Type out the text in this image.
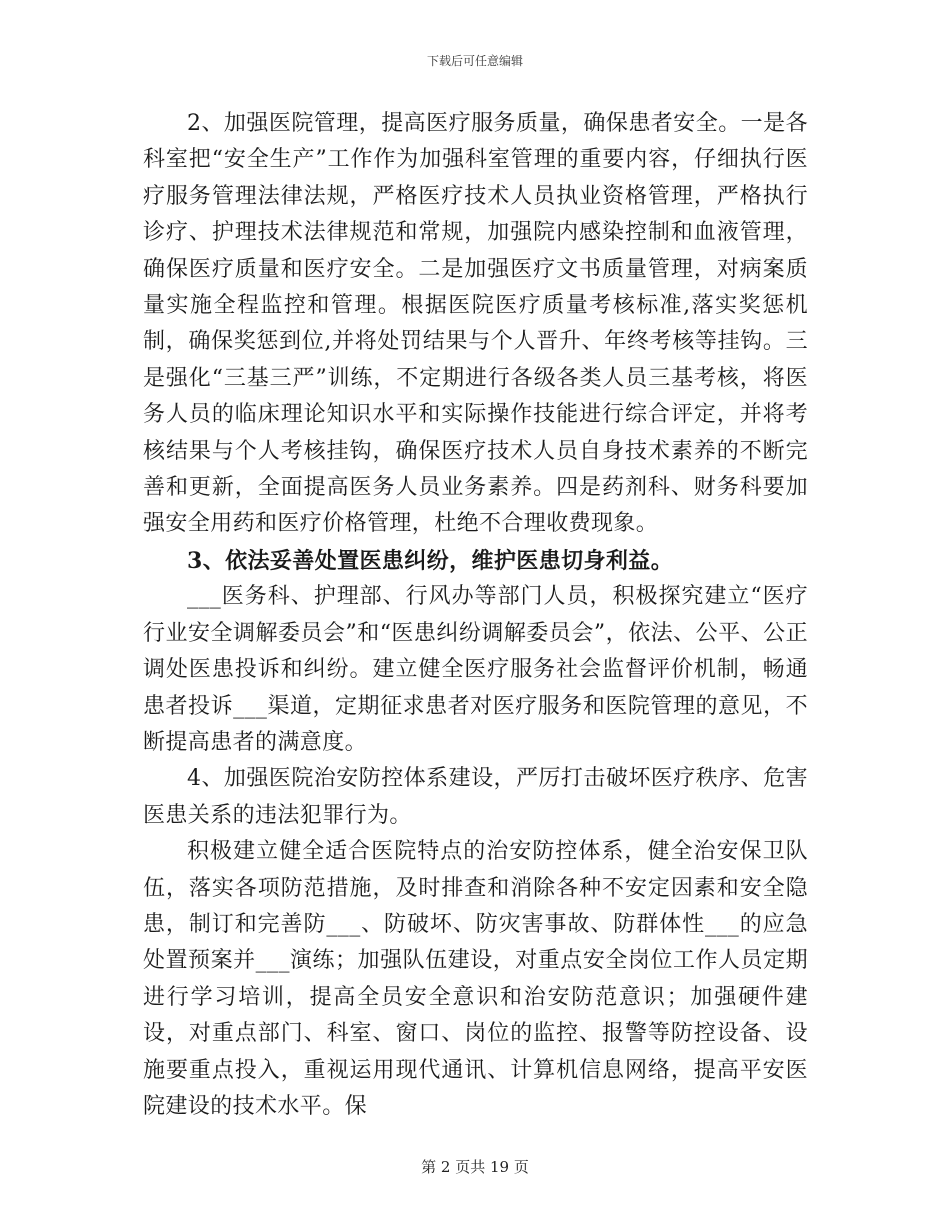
下载后可任意编辑

2、加强医院管理，提高医疗服务质量，确保患者安全。一是各科室把“安全生产”工作作为加强科室管理的重要内容，仔细执行医疗服务管理法律法规，严格医疗技术人员执业资格管理，严格执行诊疗、护理技术法律规范和常规，加强院内感染控制和血液管理，确保医疗质量和医疗安全。二是加强医疗文书质量管理，对病案质量实施全程监控和管理。根据医院医疗质量考核标准,落实奖惩机制，确保奖惩到位,并将处罚结果与个人晋升、年终考核等挂钩。三是强化“三基三严”训练，不定期进行各级各类人员三基考核，将医务人员的临床理论知识水平和实际操作技能进行综合评定，并将考核结果与个人考核挂钩，确保医疗技术人员自身技术素养的不断完善和更新，全面提高医务人员业务素养。四是药剂科、财务科要加强安全用药和医疗价格管理，杜绝不合理收费现象。

3、依法妥善处置医患纠纷，维护医患切身利益。

___医务科、护理部、行风办等部门人员，积极探究建立“医疗行业安全调解委员会”和“医患纠纷调解委员会”，依法、公平、公正调处医患投诉和纠纷。建立健全医疗服务社会监督评价机制，畅通患者投诉___渠道，定期征求患者对医疗服务和医院管理的意见，不断提高患者的满意度。

4、加强医院治安防控体系建设，严厉打击破坏医疗秩序、危害医患关系的违法犯罪行为。

积极建立健全适合医院特点的治安防控体系，健全治安保卫队伍，落实各项防范措施，及时排查和消除各种不安定因素和安全隐患，制订和完善防___、防破坏、防灾害事故、防群体性___的应急处置预案并___演练；加强队伍建设，对重点安全岗位工作人员定期进行学习培训，提高全员安全意识和治安防范意识；加强硬件建设，对重点部门、科室、窗口、岗位的监控、报警等防控设备、设施要重点投入，重视运用现代通讯、计算机信息网络，提高平安医院建设的技术水平。保

第 2 页共 19 页
